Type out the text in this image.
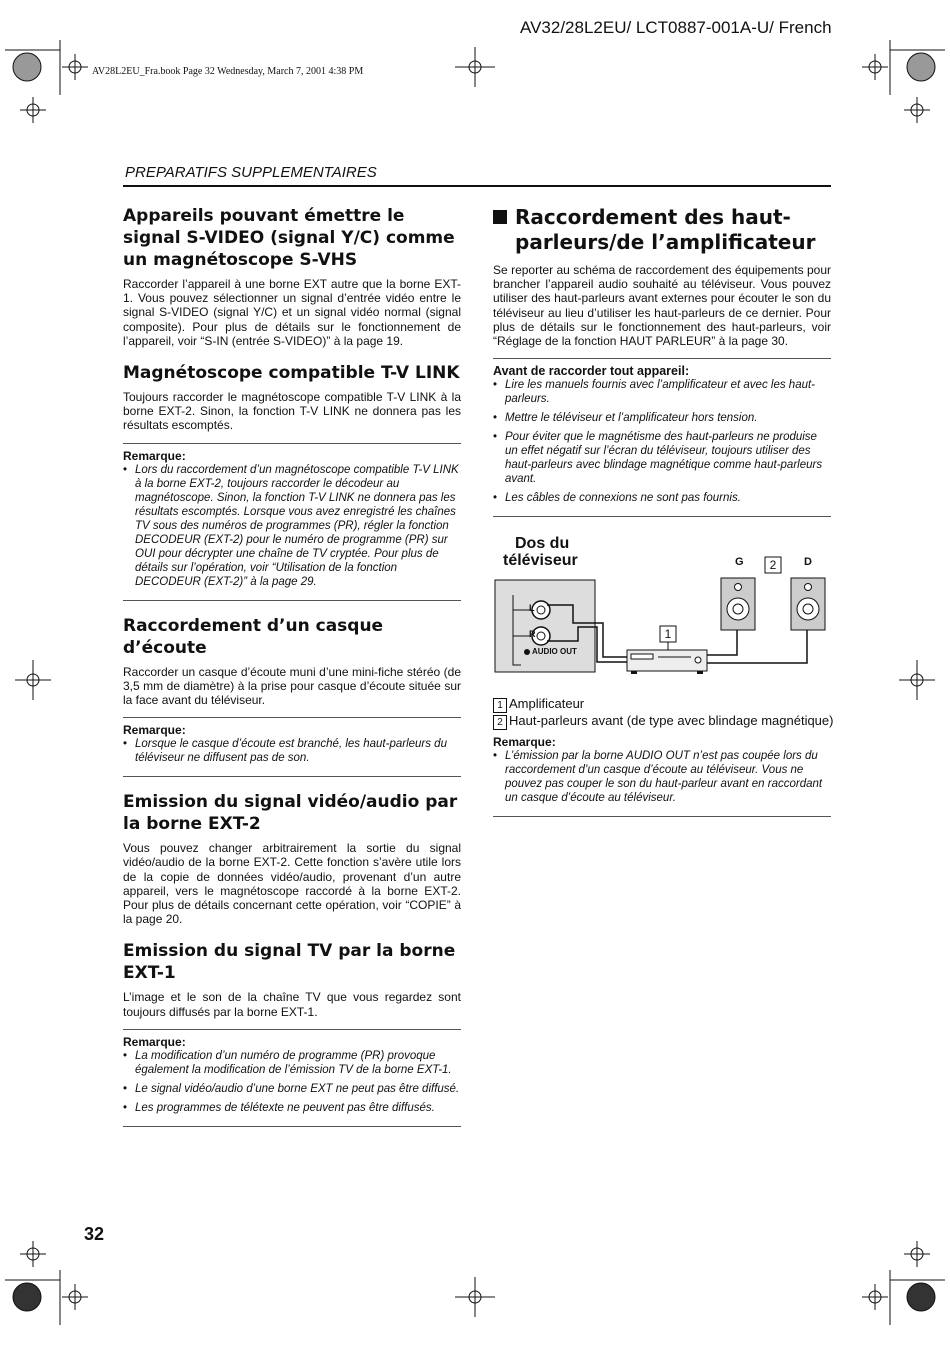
AV32/28L2EU/ LCT0887-001A-U/ French
AV28L2EU_Fra.book Page 32 Wednesday, March 7, 2001 4:38 PM
PREPARATIFS SUPPLEMENTAIRES
Appareils pouvant émettre le signal S-VIDEO (signal Y/C) comme un magnétoscope S-VHS

Raccorder l’appareil à une borne EXT autre que la borne EXT-1. Vous pouvez sélectionner un signal d’entrée vidéo entre le signal S-VIDEO (signal Y/C) et un signal vidéo normal (signal composite). Pour plus de détails sur le fonctionnement de l’appareil, voir “S-IN (entrée S-VIDEO)” à la page 19.

Magnétoscope compatible T-V LINK

Toujours raccorder le magnétoscope compatible T-V LINK à la borne EXT-2. Sinon, la fonction T-V LINK ne donnera pas les résultats escomptés.

Remarque:
• Lors du raccordement d’un magnétoscope compatible T-V LINK à la borne EXT-2, toujours raccorder le décodeur au magnétoscope. Sinon, la fonction T-V LINK ne donnera pas les résultats escomptés. Lorsque vous avez enregistré les chaînes TV sous des numéros de programmes (PR), régler la fonction DECODEUR (EXT-2) pour le numéro de programme (PR) sur OUI pour décrypter une chaîne de TV cryptée. Pour plus de détails sur l’opération, voir “Utilisation de la fonction DECODEUR (EXT-2)” à la page 29.
Raccordement d’un casque d’écoute

Raccorder un casque d’écoute muni d’une mini-fiche stéréo (de 3,5 mm de diamètre) à la prise pour casque d’écoute située sur la face avant du téléviseur.

Remarque:
• Lorsque le casque d’écoute est branché, les haut-parleurs du téléviseur ne diffusent pas de son.
Emission du signal vidéo/audio par la borne EXT-2

Vous pouvez changer arbitrairement la sortie du signal vidéo/audio de la borne EXT-2. Cette fonction s’avère utile lors de la copie de données vidéo/audio, provenant d’un autre appareil, vers le magnétoscope raccordé à la borne EXT-2. Pour plus de détails concernant cette opération, voir “COPIE” à la page 20.

Emission du signal TV par la borne EXT-1

L’image et le son de la chaîne TV que vous regardez sont toujours diffusés par la borne EXT-1.

Remarque:
• La modification d’un numéro de programme (PR) provoque également la modification de l’émission TV de la borne EXT-1.
• Le signal vidéo/audio d’une borne EXT ne peut pas être diffusé.
• Les programmes de télétexte ne peuvent pas être diffusés.
Raccordement des haut-parleurs/de l’amplificateur

Se reporter au schéma de raccordement des équipements pour brancher l’appareil audio souhaité au téléviseur. Vous pouvez utiliser des haut-parleurs avant externes pour écouter le son du téléviseur au lieu d’utiliser les haut-parleurs de ce dernier. Pour plus de détails sur le fonctionnement des haut-parleurs, voir “Réglage de la fonction HAUT PARLEUR” à la page 30.

Avant de raccorder tout appareil:
• Lire les manuels fournis avec l’amplificateur et avec les haut-parleurs.
• Mettre le téléviseur et l’amplificateur hors tension.
• Pour éviter que le magnétisme des haut-parleurs ne produise un effet négatif sur l’écran du téléviseur, toujours utiliser des haut-parleurs avec blindage magnétique comme haut-parleurs avant.
• Les câbles de connexions ne sont pas fournis.
Dos du
téléviseur
L
R
AUDIO OUT
G	D
1
2
1 Amplificateur
2 Haut-parleurs avant (de type avec blindage magnétique)
Remarque:
• L’émission par la borne AUDIO OUT n’est pas coupée lors du raccordement d’un casque d’écoute au téléviseur. Vous ne pouvez pas couper le son du haut-parleur avant en raccordant un casque d’écoute au téléviseur.
32
